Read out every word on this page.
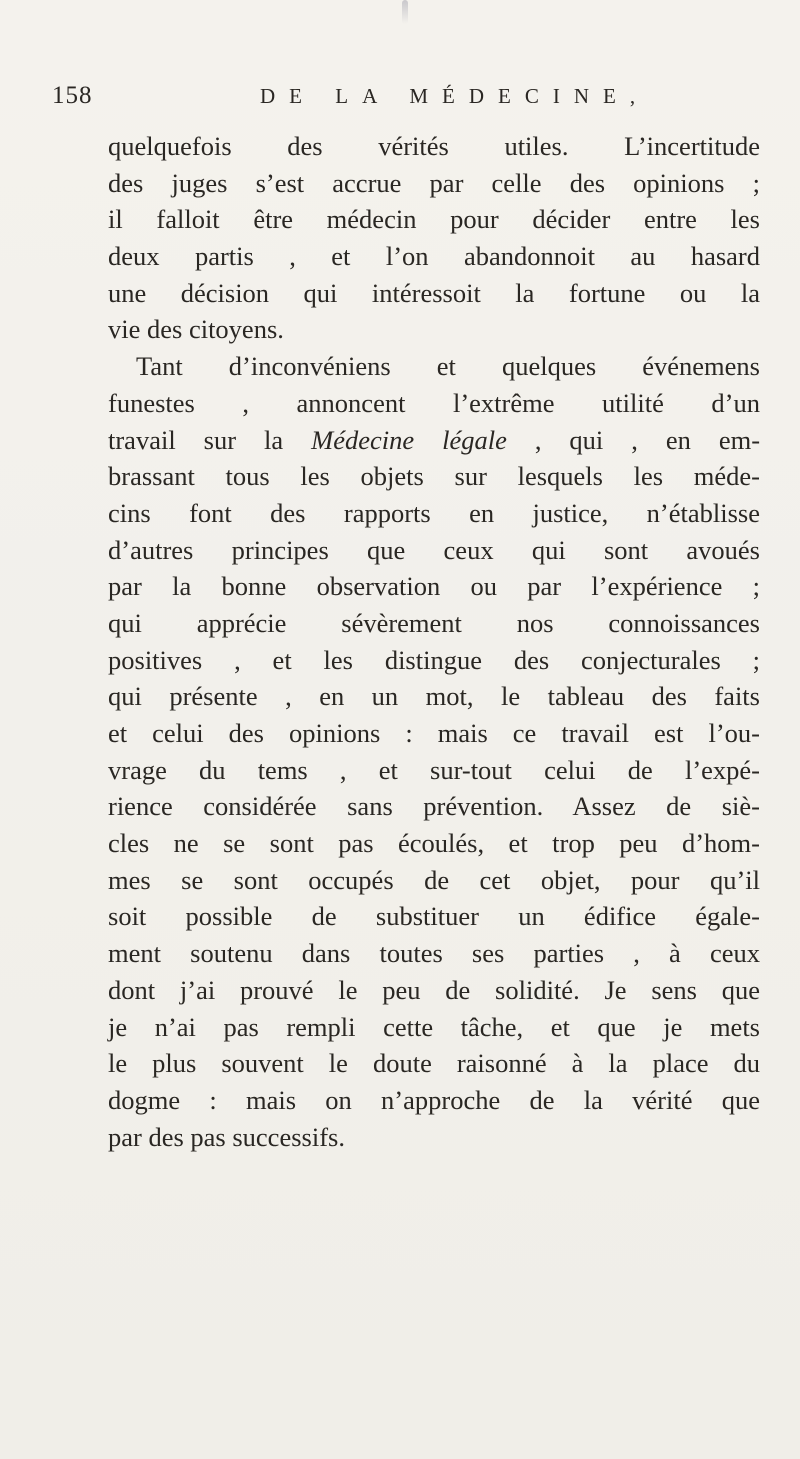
158	DE LA MÉDECINE,
quelquefois des vérités utiles. L’incertitude
des juges s’est accrue par celle des opinions ;
il falloit être médecin pour décider entre les
deux partis , et l’on abandonnoit au hasard
une décision qui intéressoit la fortune ou la
vie des citoyens.
Tant d’inconvéniens et quelques événemens
funestes , annoncent l’extrême utilité d’un
travail sur la Médecine légale , qui , en em-
brassant tous les objets sur lesquels les méde-
cins font des rapports en justice, n’établisse
d’autres principes que ceux qui sont avoués
par la bonne observation ou par l’expérience ;
qui apprécie sévèrement nos connoissances
positives , et les distingue des conjecturales ;
qui présente , en un mot, le tableau des faits
et celui des opinions : mais ce travail est l’ou-
vrage du tems , et sur-tout celui de l’expé-
rience considérée sans prévention. Assez de siè-
cles ne se sont pas écoulés, et trop peu d’hom-
mes se sont occupés de cet objet, pour qu’il
soit possible de substituer un édifice égale-
ment soutenu dans toutes ses parties , à ceux
dont j’ai prouvé le peu de solidité. Je sens que
je n’ai pas rempli cette tâche, et que je mets
le plus souvent le doute raisonné à la place du
dogme : mais on n’approche de la vérité que
par des pas successifs.
